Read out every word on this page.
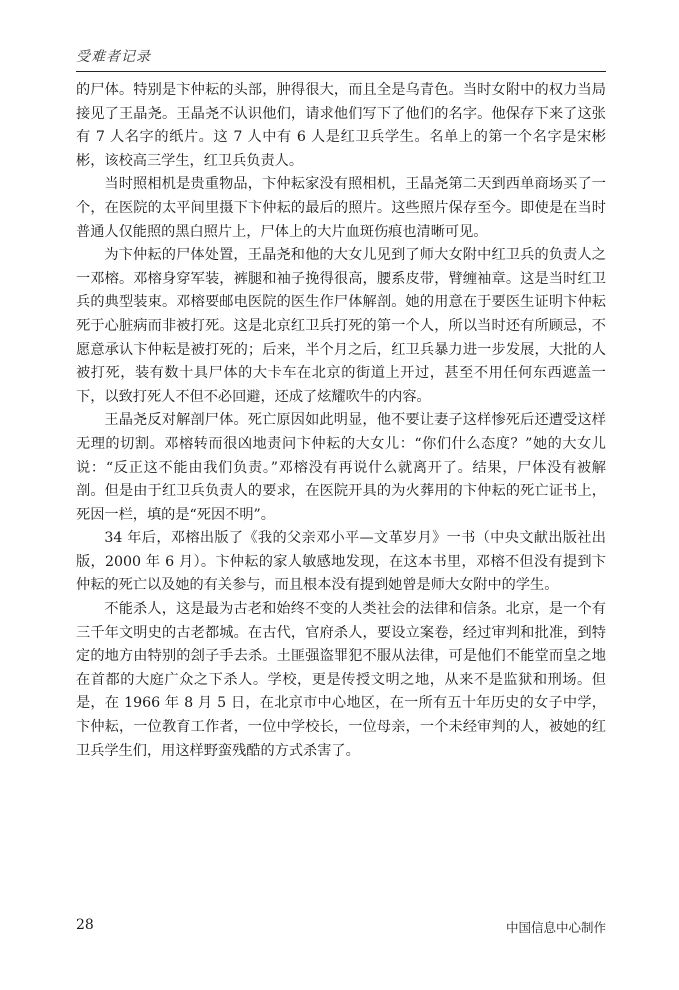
受难者记录

的尸体。特别是卞仲耘的头部，肿得很大，而且全是乌青色。当时女附中的权力当局接见了王晶尧。王晶尧不认识他们，请求他们写下了他们的名字。他保存下来了这张有 7 人名字的纸片。这 7 人中有 6 人是红卫兵学生。名单上的第一个名字是宋彬彬，该校高三学生，红卫兵负责人。

当时照相机是贵重物品，卞仲耘家没有照相机，王晶尧第二天到西单商场买了一个，在医院的太平间里摄下卞仲耘的最后的照片。这些照片保存至今。即使是在当时普通人仅能照的黑白照片上，尸体上的大片血斑伤痕也清晰可见。

为卞仲耘的尸体处置，王晶尧和他的大女儿见到了师大女附中红卫兵的负责人之一邓榕。邓榕身穿军装，裤腿和袖子挽得很高，腰系皮带，臂缠袖章。这是当时红卫兵的典型装束。邓榕要邮电医院的医生作尸体解剖。她的用意在于要医生证明卞仲耘死于心脏病而非被打死。这是北京红卫兵打死的第一个人，所以当时还有所顾忌，不愿意承认卞仲耘是被打死的；后来，半个月之后，红卫兵暴力进一步发展，大批的人被打死，装有数十具尸体的大卡车在北京的街道上开过，甚至不用任何东西遮盖一下，以致打死人不但不必回避，还成了炫耀吹牛的内容。

王晶尧反对解剖尸体。死亡原因如此明显，他不要让妻子这样惨死后还遭受这样无理的切割。邓榕转而很凶地责问卞仲耘的大女儿：“你们什么态度？”她的大女儿说：“反正这不能由我们负责。”邓榕没有再说什么就离开了。结果，尸体没有被解剖。但是由于红卫兵负责人的要求，在医院开具的为火葬用的卞仲耘的死亡证书上，死因一栏，填的是“死因不明”。

34 年后，邓榕出版了《我的父亲邓小平—文革岁月》一书（中央文献出版社出版，2000 年 6 月）。卞仲耘的家人敏感地发现，在这本书里，邓榕不但没有提到卞仲耘的死亡以及她的有关参与，而且根本没有提到她曾是师大女附中的学生。

不能杀人，这是最为古老和始终不变的人类社会的法律和信条。北京，是一个有三千年文明史的古老都城。在古代，官府杀人，要设立案卷，经过审判和批准，到特定的地方由特别的刽子手去杀。土匪强盗罪犯不服从法律，可是他们不能堂而皇之地在首都的大庭广众之下杀人。学校，更是传授文明之地，从来不是监狱和刑场。但是，在 1966 年 8 月 5 日，在北京市中心地区，在一所有五十年历史的女子中学，卞仲耘，一位教育工作者，一位中学校长，一位母亲，一个未经审判的人，被她的红卫兵学生们，用这样野蛮残酷的方式杀害了。

28	中国信息中心制作
